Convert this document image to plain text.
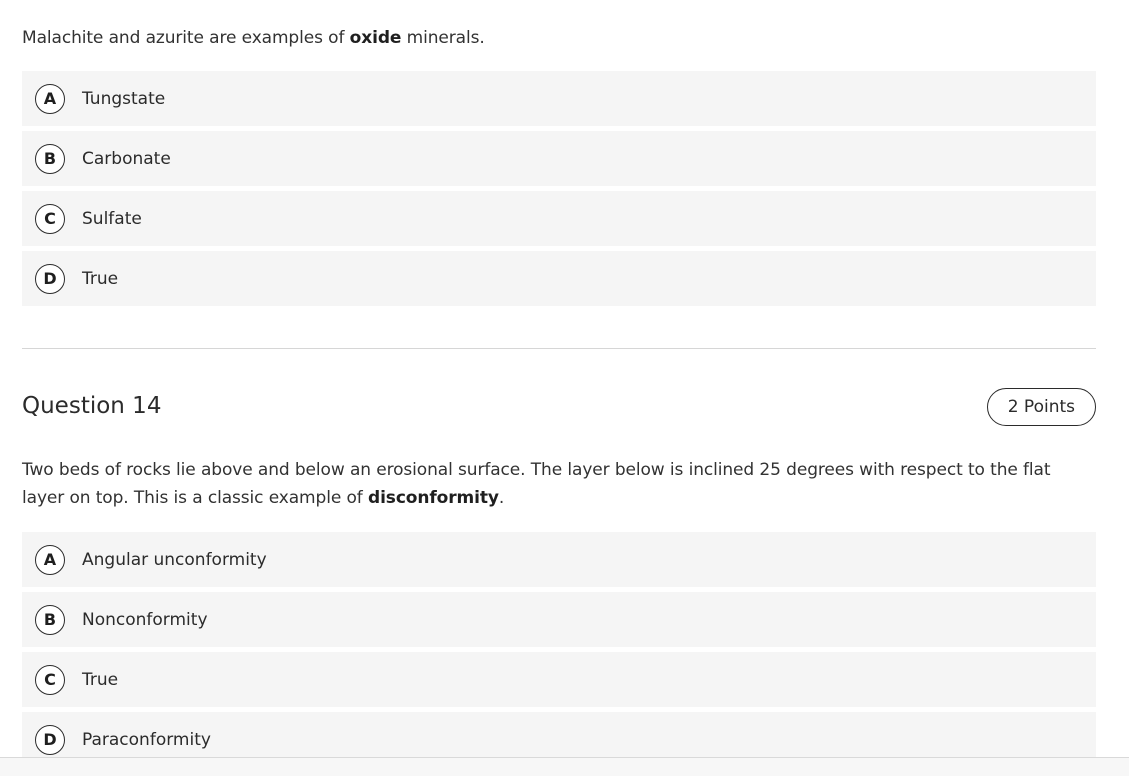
Malachite and azurite are examples of oxide minerals.
A	Tungstate
B	Carbonate
C	Sulfate
D	True
Question 14	2 Points
Two beds of rocks lie above and below an erosional surface. The layer below is inclined 25 degrees with respect to the flat layer on top. This is a classic example of disconformity.
A	Angular unconformity
B	Nonconformity
C	True
D	Paraconformity
